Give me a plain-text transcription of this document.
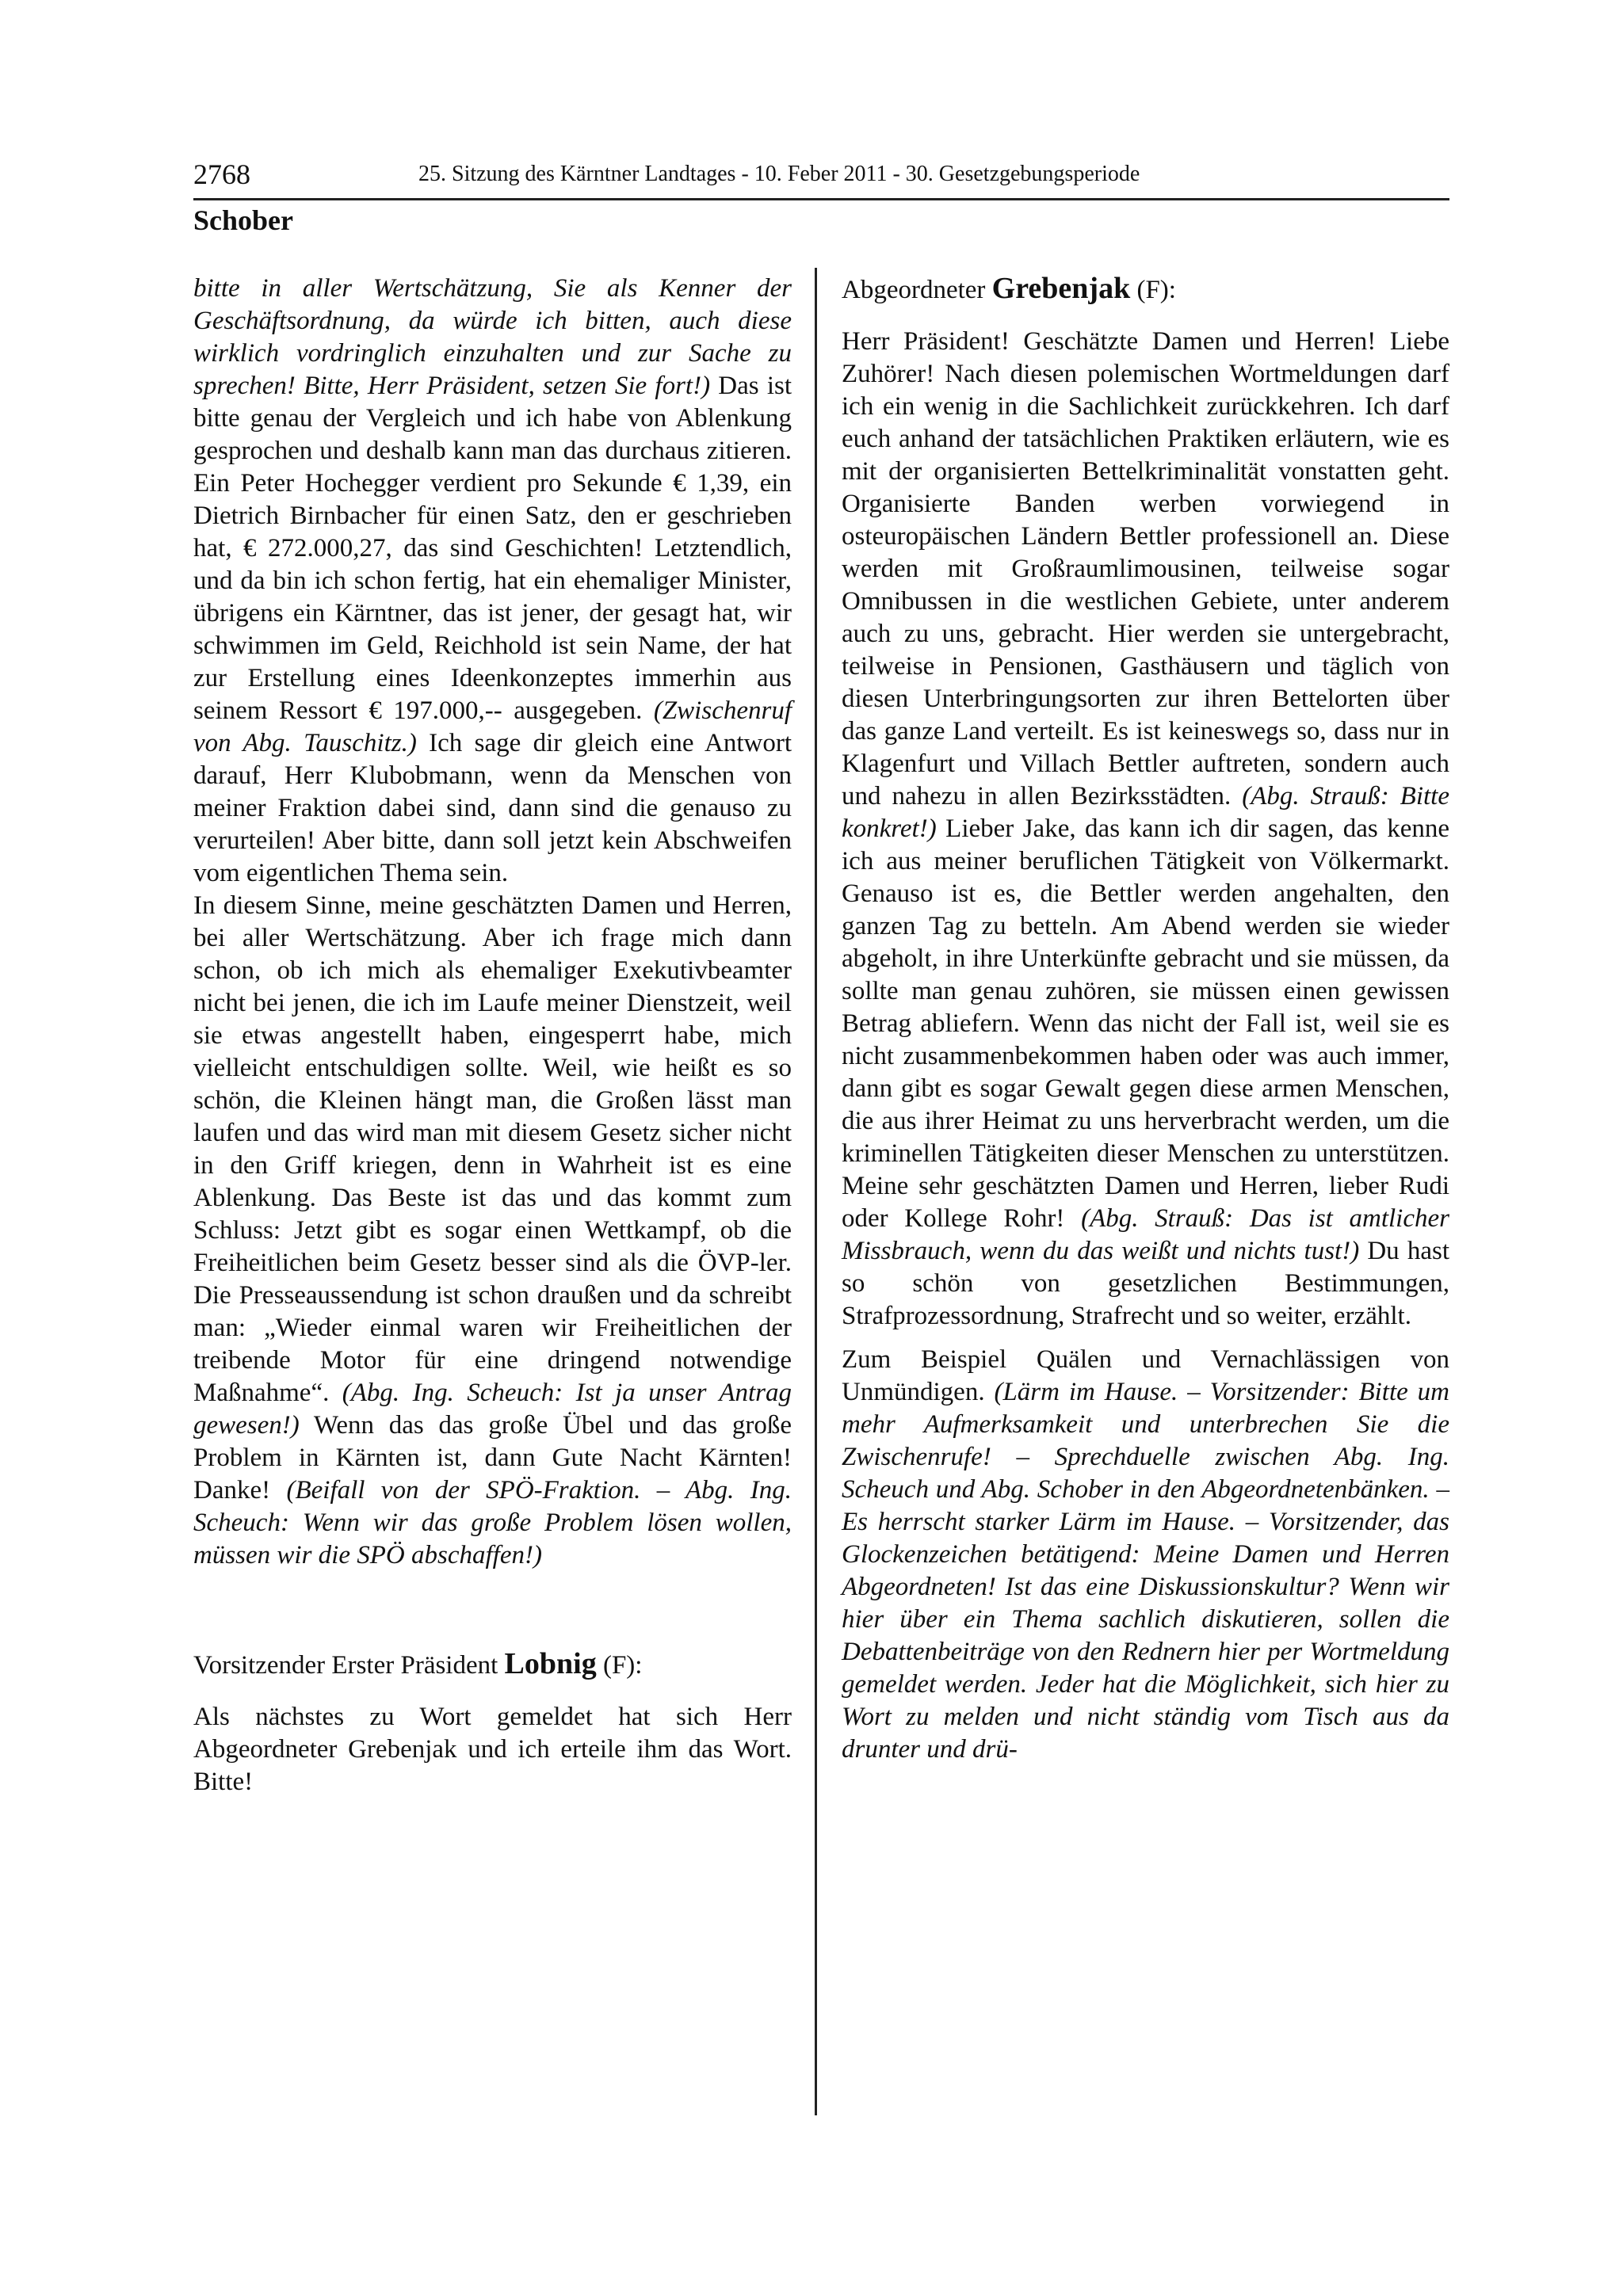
2768	25. Sitzung des Kärntner Landtages - 10. Feber 2011 - 30. Gesetzgebungsperiode
Schober

bitte in aller Wertschätzung, Sie als Kenner der Geschäftsordnung, da würde ich bitten, auch diese wirklich vordringlich einzuhalten und zur Sache zu sprechen! Bitte, Herr Präsident, setzen Sie fort!) Das ist bitte genau der Vergleich und ich habe von Ablenkung gesprochen und deshalb kann man das durchaus zitieren. Ein Peter Hochegger verdient pro Sekunde € 1,39, ein Dietrich Birnbacher für einen Satz, den er geschrieben hat, € 272.000,27, das sind Geschichten! Letztendlich, und da bin ich schon fertig, hat ein ehemaliger Minister, übrigens ein Kärntner, das ist jener, der gesagt hat, wir schwimmen im Geld, Reichhold ist sein Name, der hat zur Erstellung eines Ideenkonzeptes immerhin aus seinem Ressort € 197.000,-- ausgegeben. (Zwischenruf von Abg. Tauschitz.) Ich sage dir gleich eine Antwort darauf, Herr Klubobmann, wenn da Menschen von meiner Fraktion dabei sind, dann sind die genauso zu verurteilen! Aber bitte, dann soll jetzt kein Abschweifen vom eigentlichen Thema sein.

In diesem Sinne, meine geschätzten Damen und Herren, bei aller Wertschätzung. Aber ich frage mich dann schon, ob ich mich als ehemaliger Exekutivbeamter nicht bei jenen, die ich im Laufe meiner Dienstzeit, weil sie etwas angestellt haben, eingesperrt habe, mich vielleicht entschuldigen sollte. Weil, wie heißt es so schön, die Kleinen hängt man, die Großen lässt man laufen und das wird man mit diesem Gesetz sicher nicht in den Griff kriegen, denn in Wahrheit ist es eine Ablenkung. Das Beste ist das und das kommt zum Schluss: Jetzt gibt es sogar einen Wettkampf, ob die Freiheitlichen beim Gesetz besser sind als die ÖVP-ler. Die Presseaussendung ist schon draußen und da schreibt man: „Wieder einmal waren wir Freiheitlichen der treibende Motor für eine dringend notwendige Maßnahme“. (Abg. Ing. Scheuch: Ist ja unser Antrag gewesen!) Wenn das das große Übel und das große Problem in Kärnten ist, dann Gute Nacht Kärnten! Danke! (Beifall von der SPÖ-Fraktion. – Abg. Ing. Scheuch: Wenn wir das große Problem lösen wollen, müssen wir die SPÖ abschaffen!)

Vorsitzender Erster Präsident Lobnig (F):

Als nächstes zu Wort gemeldet hat sich Herr Abgeordneter Grebenjak und ich erteile ihm das Wort. Bitte!

Abgeordneter Grebenjak (F):

Herr Präsident! Geschätzte Damen und Herren! Liebe Zuhörer! Nach diesen polemischen Wortmeldungen darf ich ein wenig in die Sachlichkeit zurückkehren. Ich darf euch anhand der tatsächlichen Praktiken erläutern, wie es mit der organisierten Bettelkriminalität vonstatten geht. Organisierte Banden werben vorwiegend in osteuropäischen Ländern Bettler professionell an. Diese werden mit Großraumlimousinen, teilweise sogar Omnibussen in die westlichen Gebiete, unter anderem auch zu uns, gebracht. Hier werden sie untergebracht, teilweise in Pensionen, Gasthäusern und täglich von diesen Unterbringungsorten zur ihren Bettelorten über das ganze Land verteilt. Es ist keineswegs so, dass nur in Klagenfurt und Villach Bettler auftreten, sondern auch und nahezu in allen Bezirksstädten. (Abg. Strauß: Bitte konkret!) Lieber Jake, das kann ich dir sagen, das kenne ich aus meiner beruflichen Tätigkeit von Völkermarkt. Genauso ist es, die Bettler werden angehalten, den ganzen Tag zu betteln. Am Abend werden sie wieder abgeholt, in ihre Unterkünfte gebracht und sie müssen, da sollte man genau zuhören, sie müssen einen gewissen Betrag abliefern. Wenn das nicht der Fall ist, weil sie es nicht zusammenbekommen haben oder was auch immer, dann gibt es sogar Gewalt gegen diese armen Menschen, die aus ihrer Heimat zu uns herverbracht werden, um die kriminellen Tätigkeiten dieser Menschen zu unterstützen. Meine sehr geschätzten Damen und Herren, lieber Rudi oder Kollege Rohr! (Abg. Strauß: Das ist amtlicher Missbrauch, wenn du das weißt und nichts tust!) Du hast so schön von gesetzlichen Bestimmungen, Strafprozessordnung, Strafrecht und so weiter, erzählt.

Zum Beispiel Quälen und Vernachlässigen von Unmündigen. (Lärm im Hause. – Vorsitzender: Bitte um mehr Aufmerksamkeit und unterbrechen Sie die Zwischenrufe! – Sprechduelle zwischen Abg. Ing. Scheuch und Abg. Schober in den Abgeordnetenbänken. – Es herrscht starker Lärm im Hause. – Vorsitzender, das Glockenzeichen betätigend: Meine Damen und Herren Abgeordneten! Ist das eine Diskussionskultur? Wenn wir hier über ein Thema sachlich diskutieren, sollen die Debattenbeiträge von den Rednern hier per Wortmeldung gemeldet werden. Jeder hat die Möglichkeit, sich hier zu Wort zu melden und nicht ständig vom Tisch aus da drunter und drü-
